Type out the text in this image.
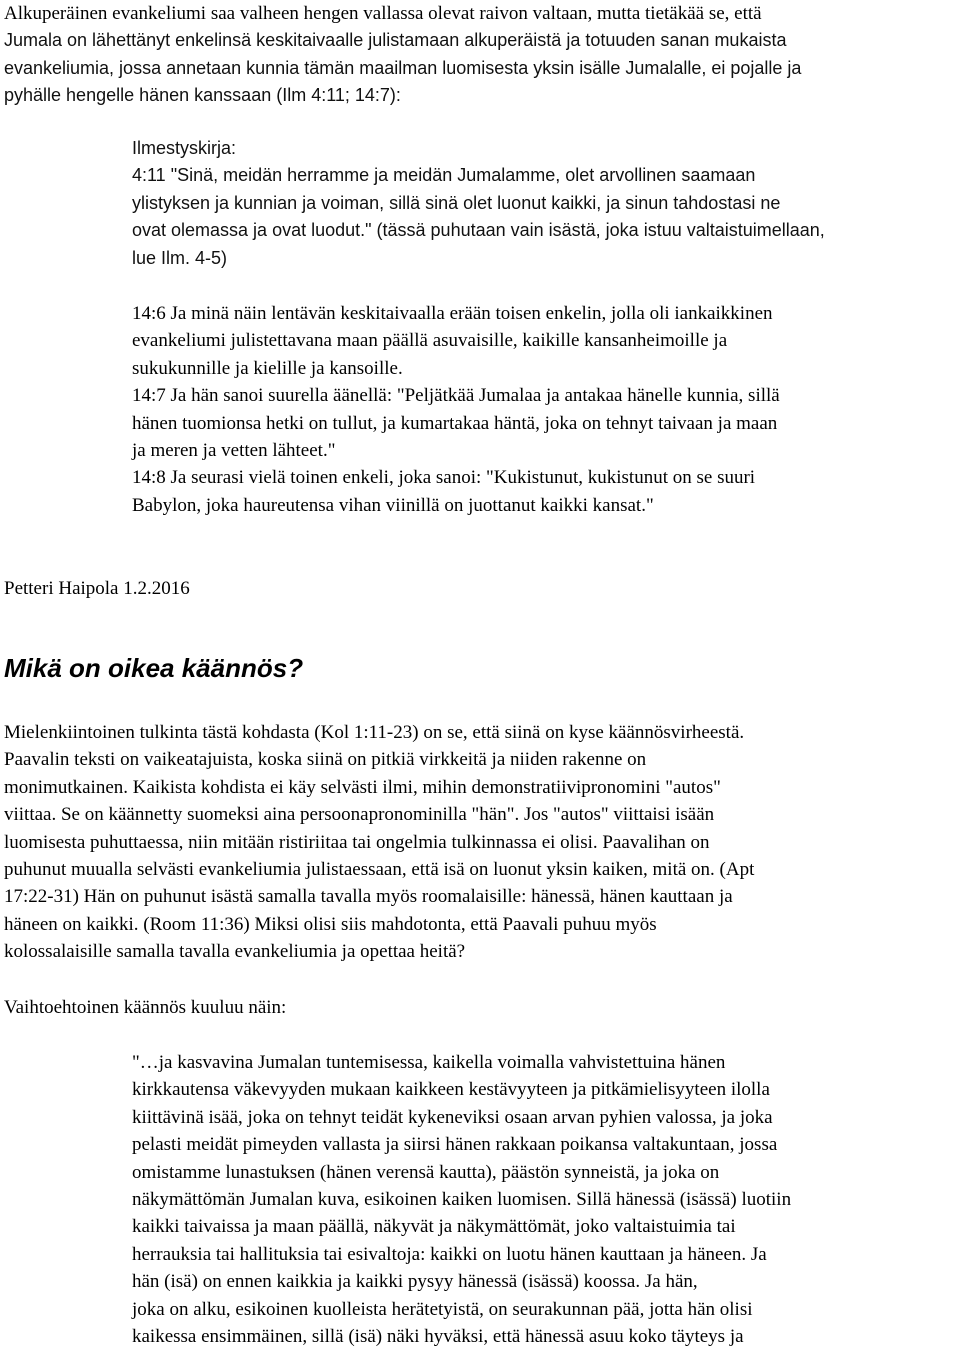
Alkuperäinen evankeliumi saa valheen hengen vallassa olevat raivon valtaan, mutta tietäkää se, että
Jumala on lähettänyt enkelinsä keskitaivaalle julistamaan alkuperäistä ja totuuden sanan mukaista
evankeliumia, jossa annetaan kunnia tämän maailman luomisesta yksin isälle Jumalalle, ei pojalle ja
pyhälle hengelle hänen kanssaan (Ilm 4:11; 14:7):
Ilmestyskirja:
4:11 "Sinä, meidän herramme ja meidän Jumalamme, olet arvollinen saamaan
ylistyksen ja kunnian ja voiman, sillä sinä olet luonut kaikki, ja sinun tahdostasi ne
ovat olemassa ja ovat luodut." (tässä puhutaan vain isästä, joka istuu valtaistuimellaan,
lue Ilm. 4-5)
14:6 Ja minä näin lentävän keskitaivaalla erään toisen enkelin, jolla oli iankaikkinen
evankeliumi julistettavana maan päällä asuvaisille, kaikille kansanheimoille ja
sukukunnille ja kielille ja kansoille.
14:7 Ja hän sanoi suurella äänellä: "Peljätkää Jumalaa ja antakaa hänelle kunnia, sillä
hänen tuomionsa hetki on tullut, ja kumartakaa häntä, joka on tehnyt taivaan ja maan
ja meren ja vetten lähteet."
14:8 Ja seurasi vielä toinen enkeli, joka sanoi: "Kukistunut, kukistunut on se suuri
Babylon, joka haureutensa vihan viinillä on juottanut kaikki kansat."
Petteri Haipola 1.2.2016
Mikä on oikea käännös?
Mielenkiintoinen tulkinta tästä kohdasta (Kol 1:11-23) on se, että siinä on kyse käännösvirheestä.
Paavalin teksti on vaikeatajuista, koska siinä on pitkiä virkkeitä ja niiden rakenne on
monimutkainen. Kaikista kohdista ei käy selvästi ilmi, mihin demonstratiivipronomini "autos"
viittaa. Se on käännetty suomeksi aina persoonapronominilla "hän". Jos "autos" viittaisi isään
luomisesta puhuttaessa, niin mitään ristiriitaa tai ongelmia tulkinnassa ei olisi. Paavalihan on
puhunut muualla selvästi evankeliumia julistaessaan, että isä on luonut yksin kaiken, mitä on. (Apt
17:22-31) Hän on puhunut isästä samalla tavalla myös roomalaisille: hänessä, hänen kauttaan ja
häneen on kaikki. (Room 11:36) Miksi olisi siis mahdotonta, että Paavali puhuu myös
kolossalaisille samalla tavalla evankeliumia ja opettaa heitä?
Vaihtoehtoinen käännös kuuluu näin:
"…ja kasvavina Jumalan tuntemisessa, kaikella voimalla vahvistettuina hänen
kirkkautensa väkevyyden mukaan kaikkeen kestävyyteen ja pitkämielisyyteen ilolla
kiittävinä isää, joka on tehnyt teidät kykeneviksi osaan arvan pyhien valossa, ja joka
pelasti meidät pimeyden vallasta ja siirsi hänen rakkaan poikansa valtakuntaan, jossa
omistamme lunastuksen (hänen verensä kautta), päästön synneistä, ja joka on
näkymättömän Jumalan kuva, esikoinen kaiken luomisen. Sillä hänessä (isässä) luotiin
kaikki taivaissa ja maan päällä, näkyvät ja näkymättömät, joko valtaistuimia tai
herrauksia tai hallituksia tai esivaltoja: kaikki on luotu hänen kauttaan ja häneen. Ja
hän (isä) on ennen kaikkia ja kaikki pysyy hänessä (isässä) koossa. Ja hän,
joka on alku, esikoinen kuolleista herätetyistä, on seurakunnan pää, jotta hän olisi
kaikessa ensimmäinen, sillä (isä) näki hyväksi, että hänessä asuu koko täyteys ja
